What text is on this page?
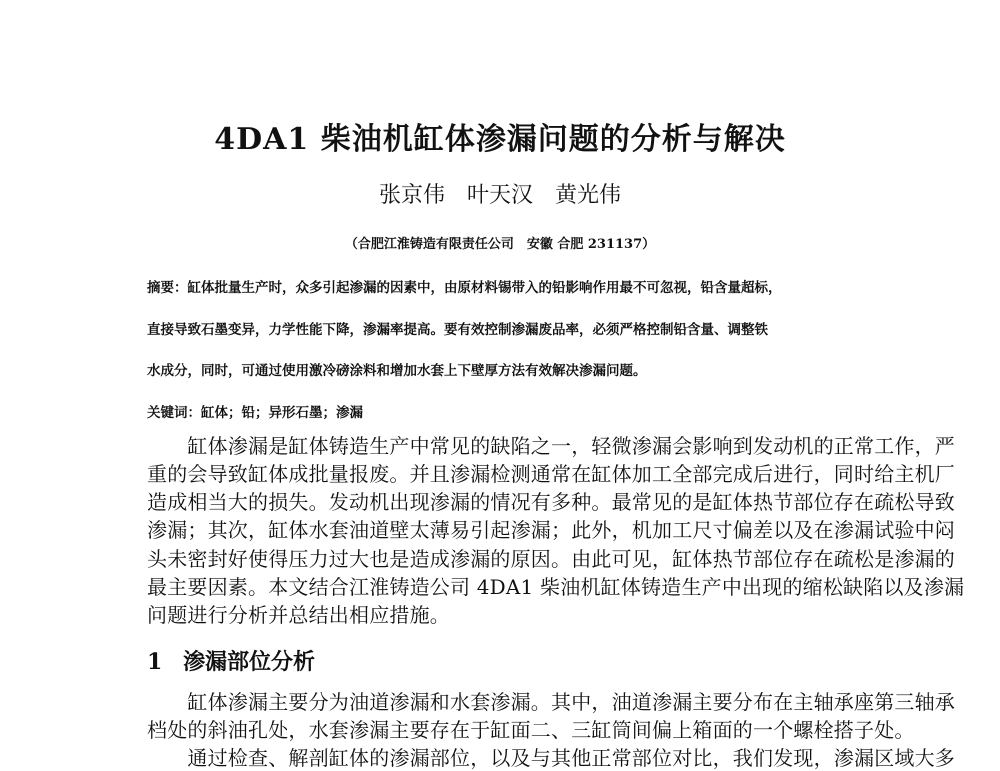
4DA1 柴油机缸体渗漏问题的分析与解决
张京伟　叶天汉　黄光伟
（合肥江淮铸造有限责任公司　安徽 合肥 231137）
摘要：缸体批量生产时，众多引起渗漏的因素中，由原材料锡带入的铅影响作用最不可忽视，铅含量超标，
直接导致石墨变异，力学性能下降，渗漏率提高。要有效控制渗漏废品率，必须严格控制铅含量、调整铁
水成分，同时，可通过使用激冷磅涂料和增加水套上下壁厚方法有效解决渗漏问题。
关键词：缸体；铅；异形石墨；渗漏
　　缸体渗漏是缸体铸造生产中常见的缺陷之一，轻微渗漏会影响到发动机的正常工作，严
重的会导致缸体成批量报废。并且渗漏检测通常在缸体加工全部完成后进行，同时给主机厂
造成相当大的损失。发动机出现渗漏的情况有多种。最常见的是缸体热节部位存在疏松导致
渗漏；其次，缸体水套油道壁太薄易引起渗漏；此外，机加工尺寸偏差以及在渗漏试验中闷
头未密封好使得压力过大也是造成渗漏的原因。由此可见，缸体热节部位存在疏松是渗漏的
最主要因素。本文结合江淮铸造公司 4DA1 柴油机缸体铸造生产中出现的缩松缺陷以及渗漏
问题进行分析并总结出相应措施。
1 渗漏部位分析
　　缸体渗漏主要分为油道渗漏和水套渗漏。其中，油道渗漏主要分布在主轴承座第三轴承
档处的斜油孔处，水套渗漏主要存在于缸面二、三缸筒间偏上箱面的一个螺栓搭子处。
　　通过检查、解剖缸体的渗漏部位，以及与其他正常部位对比，我们发现，渗漏区域大多
